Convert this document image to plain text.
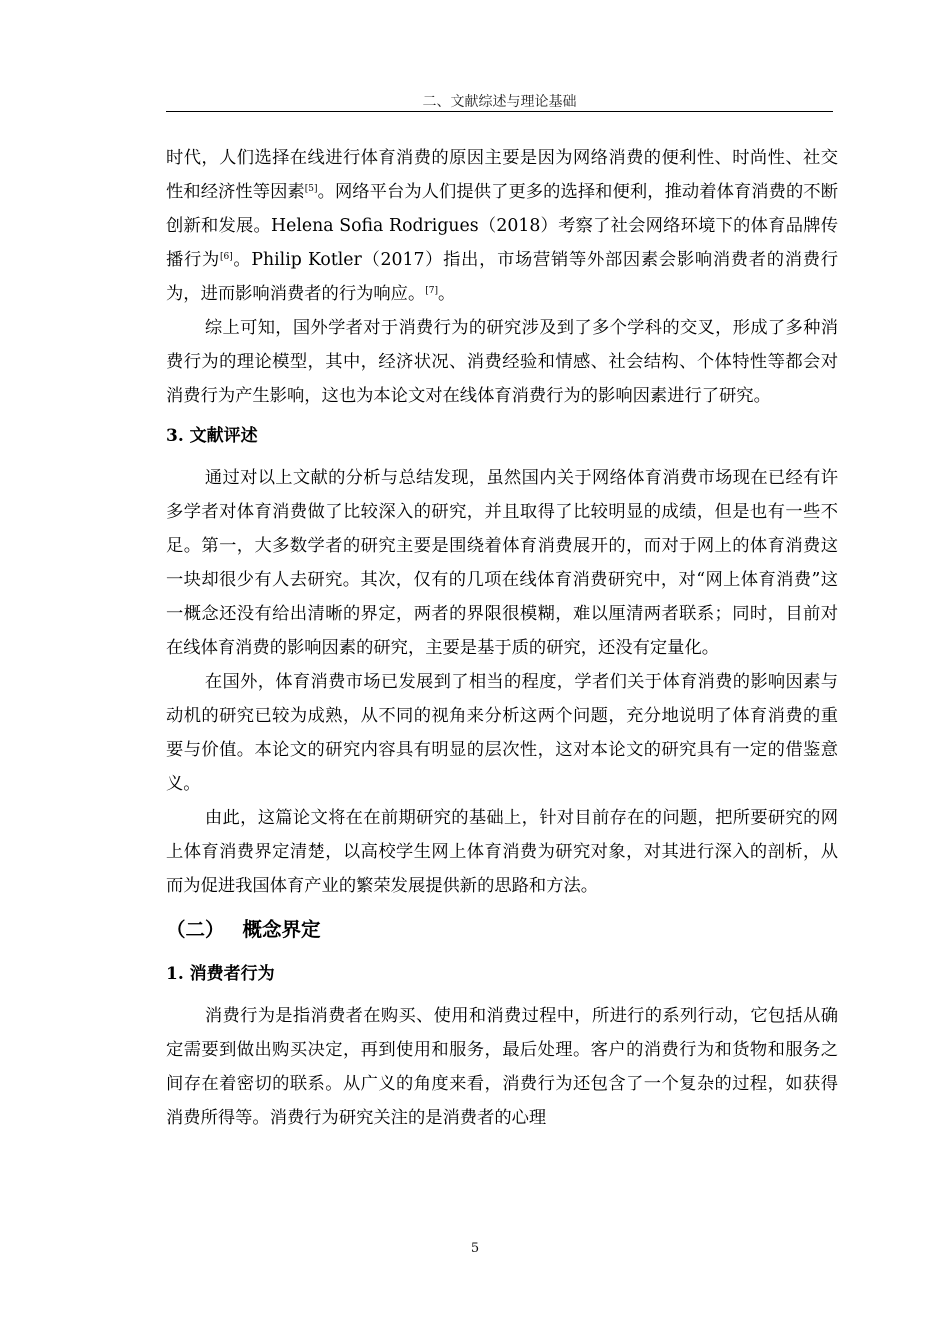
二、文献综述与理论基础

时代，人们选择在线进行体育消费的原因主要是因为网络消费的便利性、时尚性、社交性和经济性等因素[5]。网络平台为人们提供了更多的选择和便利，推动着体育消费的不断创新和发展。Helena Sofia Rodrigues（2018）考察了社会网络环境下的体育品牌传播行为[6]。Philip Kotler（2017）指出，市场营销等外部因素会影响消费者的消费行为，进而影响消费者的行为响应。[7]。

综上可知，国外学者对于消费行为的研究涉及到了多个学科的交叉，形成了多种消费行为的理论模型，其中，经济状况、消费经验和情感、社会结构、个体特性等都会对消费行为产生影响，这也为本论文对在线体育消费行为的影响因素进行了研究。

3. 文献评述

通过对以上文献的分析与总结发现，虽然国内关于网络体育消费市场现在已经有许多学者对体育消费做了比较深入的研究，并且取得了比较明显的成绩，但是也有一些不足。第一，大多数学者的研究主要是围绕着体育消费展开的，而对于网上的体育消费这一块却很少有人去研究。其次，仅有的几项在线体育消费研究中，对“网上体育消费”这一概念还没有给出清晰的界定，两者的界限很模糊，难以厘清两者联系；同时，目前对在线体育消费的影响因素的研究，主要是基于质的研究，还没有定量化。

在国外，体育消费市场已发展到了相当的程度，学者们关于体育消费的影响因素与动机的研究已较为成熟，从不同的视角来分析这两个问题，充分地说明了体育消费的重要与价值。本论文的研究内容具有明显的层次性，这对本论文的研究具有一定的借鉴意义。

由此，这篇论文将在在前期研究的基础上，针对目前存在的问题，把所要研究的网上体育消费界定清楚，以高校学生网上体育消费为研究对象，对其进行深入的剖析，从而为促进我国体育产业的繁荣发展提供新的思路和方法。

（二） 概念界定
1. 消费者行为

消费行为是指消费者在购买、使用和消费过程中，所进行的系列行动，它包括从确定需要到做出购买决定，再到使用和服务，最后处理。客户的消费行为和货物和服务之间存在着密切的联系。从广义的角度来看，消费行为还包含了一个复杂的过程，如获得消费所得等。消费行为研究关注的是消费者的心理

5
